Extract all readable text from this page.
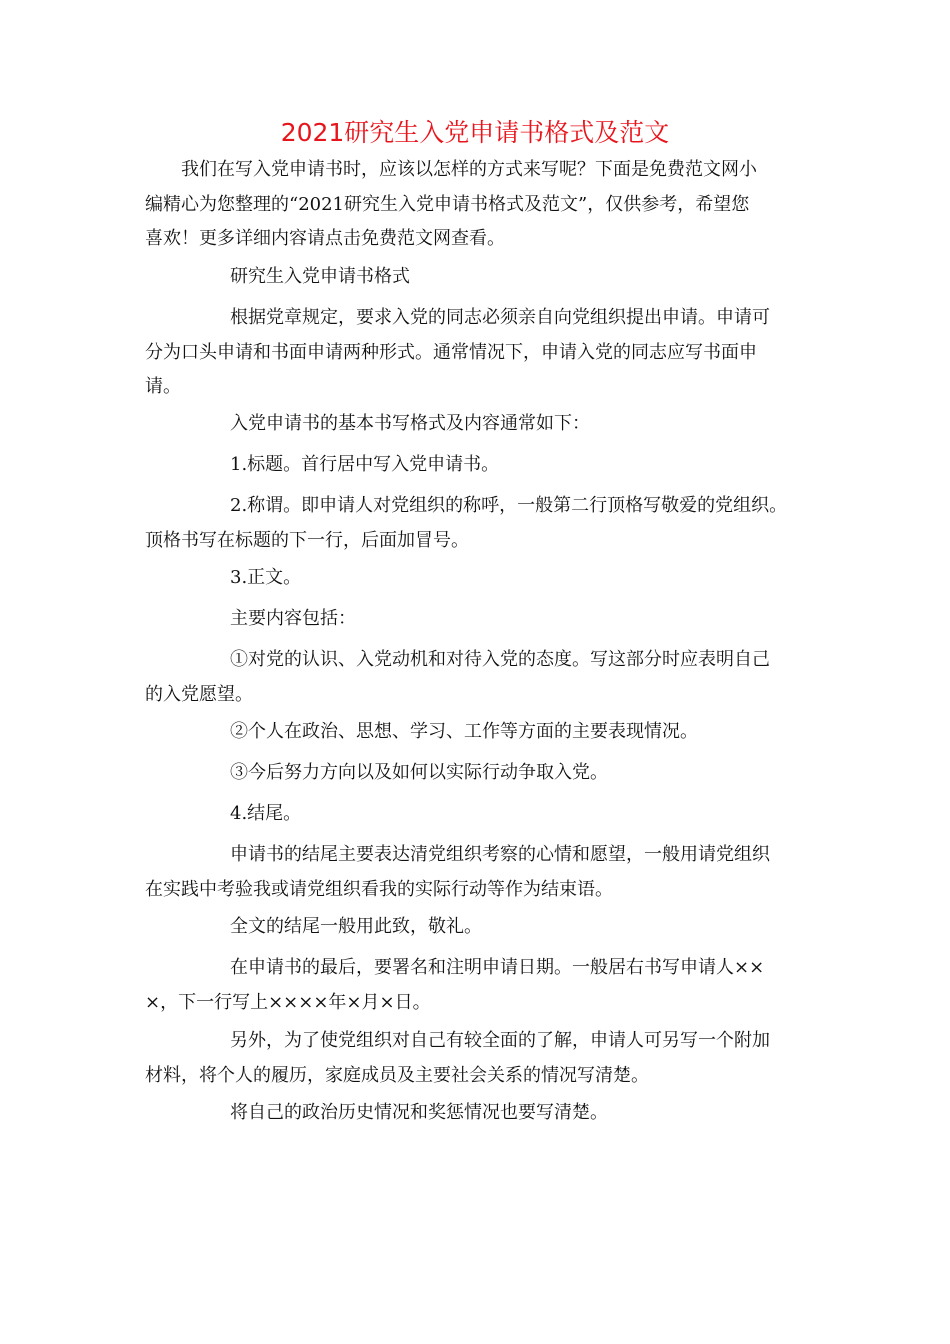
2021研究生入党申请书格式及范文
我们在写入党申请书时，应该以怎样的方式来写呢？下面是免费范文网小
编精心为您整理的“2021研究生入党申请书格式及范文”，仅供参考，希望您
喜欢！更多详细内容请点击免费范文网查看。
研究生入党申请书格式
根据党章规定，要求入党的同志必须亲自向党组织提出申请。申请可
分为口头申请和书面申请两种形式。通常情况下，申请入党的同志应写书面申
请。
入党申请书的基本书写格式及内容通常如下：
1.标题。首行居中写入党申请书。
2.称谓。即申请人对党组织的称呼，一般第二行顶格写敬爱的党组织。
顶格书写在标题的下一行，后面加冒号。
3.正文。
主要内容包括：
①对党的认识、入党动机和对待入党的态度。写这部分时应表明自己
的入党愿望。
②个人在政治、思想、学习、工作等方面的主要表现情况。
③今后努力方向以及如何以实际行动争取入党。
4.结尾。
申请书的结尾主要表达清党组织考察的心情和愿望，一般用请党组织
在实践中考验我或请党组织看我的实际行动等作为结束语。
全文的结尾一般用此致，敬礼。
在申请书的最后，要署名和注明申请日期。一般居右书写申请人××
×，下一行写上××××年×月×日。
另外，为了使党组织对自己有较全面的了解，申请人可另写一个附加
材料，将个人的履历，家庭成员及主要社会关系的情况写清楚。
将自己的政治历史情况和奖惩情况也要写清楚。
